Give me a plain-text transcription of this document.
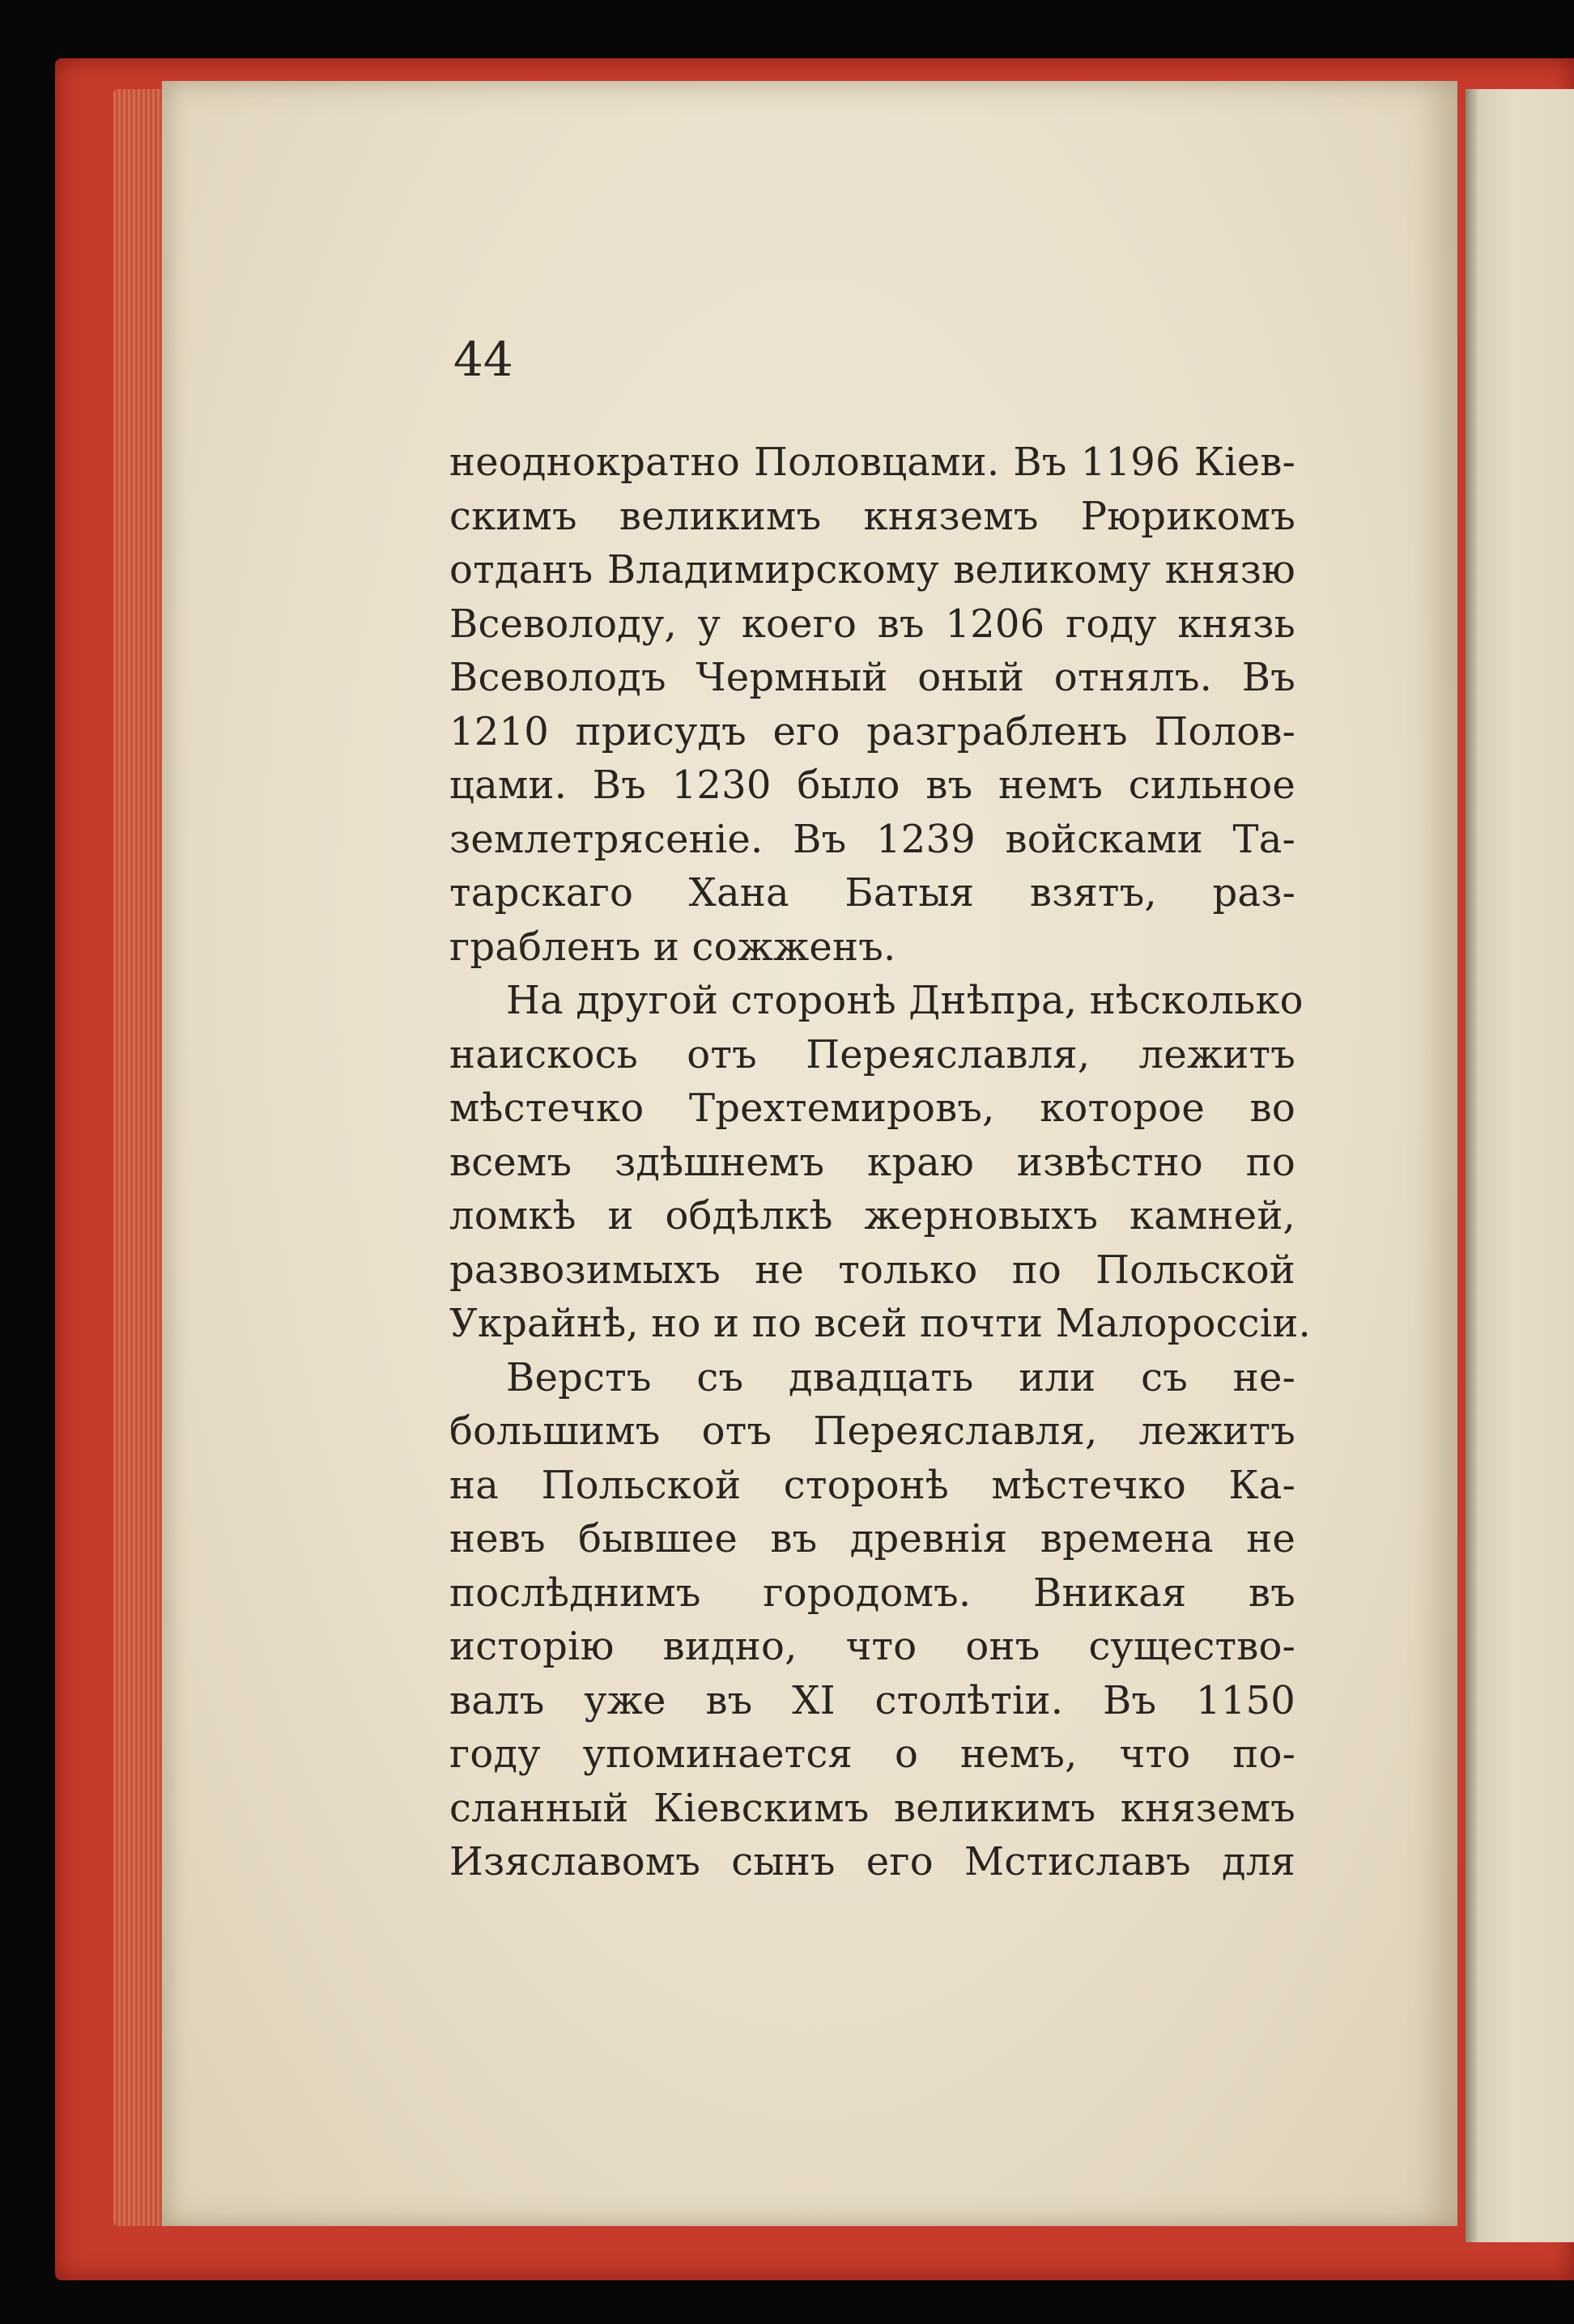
44

неоднократно Половцами. Въ 1196 Кіев-
скимъ великимъ княземъ Рюрикомъ
отданъ Владимирскому великому князю
Всеволоду, у коего въ 1206 году князь
Всеволодъ Чермный оный отнялъ. Въ
1210 присудъ его разграбленъ Полов-
цами. Въ 1230 было въ немъ сильное
землетрясеніе. Въ 1239 войсками Та-
тарскаго Хана Батыя взятъ, раз-
грабленъ и сожженъ.
На другой сторонѣ Днѣпра, нѣсколько
наискось отъ Переяславля, лежитъ
мѣстечко Трехтемировъ, которое во
всемъ здѣшнемъ краю извѣстно по
ломкѣ и обдѣлкѣ жерновыхъ камней,
развозимыхъ не только по Польской
Украйнѣ, но и по всей почти Малороссіи.
Верстъ съ двадцать или съ не-
большимъ отъ Переяславля, лежитъ
на Польской сторонѣ мѣстечко Ка-
невъ бывшее въ древнія времена не
послѣднимъ городомъ. Вникая въ
исторію видно, что онъ существо-
валъ уже въ XI столѣтіи. Въ 1150
году упоминается о немъ, что по-
сланный Кіевскимъ великимъ княземъ
Изяславомъ сынъ его Мстиславъ для
